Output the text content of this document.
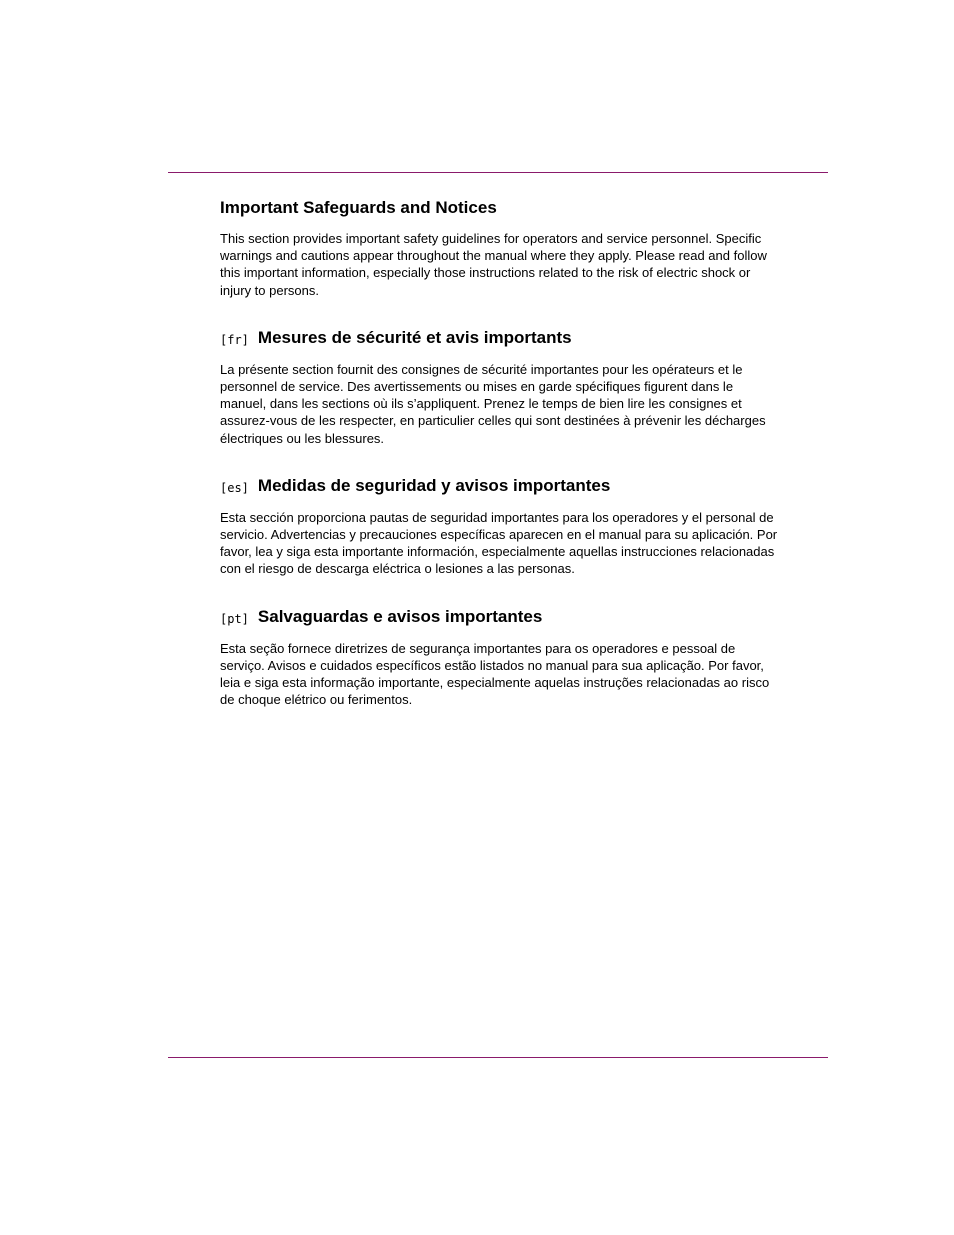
Important Safeguards and Notices

This section provides important safety guidelines for operators and service personnel. Specific warnings and cautions appear throughout the manual where they apply. Please read and follow this important information, especially those instructions related to the risk of electric shock or injury to persons.

[fr] Mesures de sécurité et avis importants

La présente section fournit des consignes de sécurité importantes pour les opérateurs et le personnel de service. Des avertissements ou mises en garde spécifiques figurent dans le manuel, dans les sections où ils s’appliquent. Prenez le temps de bien lire les consignes et assurez-vous de les respecter, en particulier celles qui sont destinées à prévenir les décharges électriques ou les blessures.

[es] Medidas de seguridad y avisos importantes

Esta sección proporciona pautas de seguridad importantes para los operadores y el personal de servicio. Advertencias y precauciones específicas aparecen en el manual para su aplicación. Por favor, lea y siga esta importante información, especialmente aquellas instrucciones relacionadas con el riesgo de descarga eléctrica o lesiones a las personas.

[pt] Salvaguardas e avisos importantes

Esta seção fornece diretrizes de segurança importantes para os operadores e pessoal de serviço. Avisos e cuidados específicos estão listados no manual para sua aplicação. Por favor, leia e siga esta informação importante, especialmente aquelas instruções relacionadas ao risco de choque elétrico ou ferimentos.
